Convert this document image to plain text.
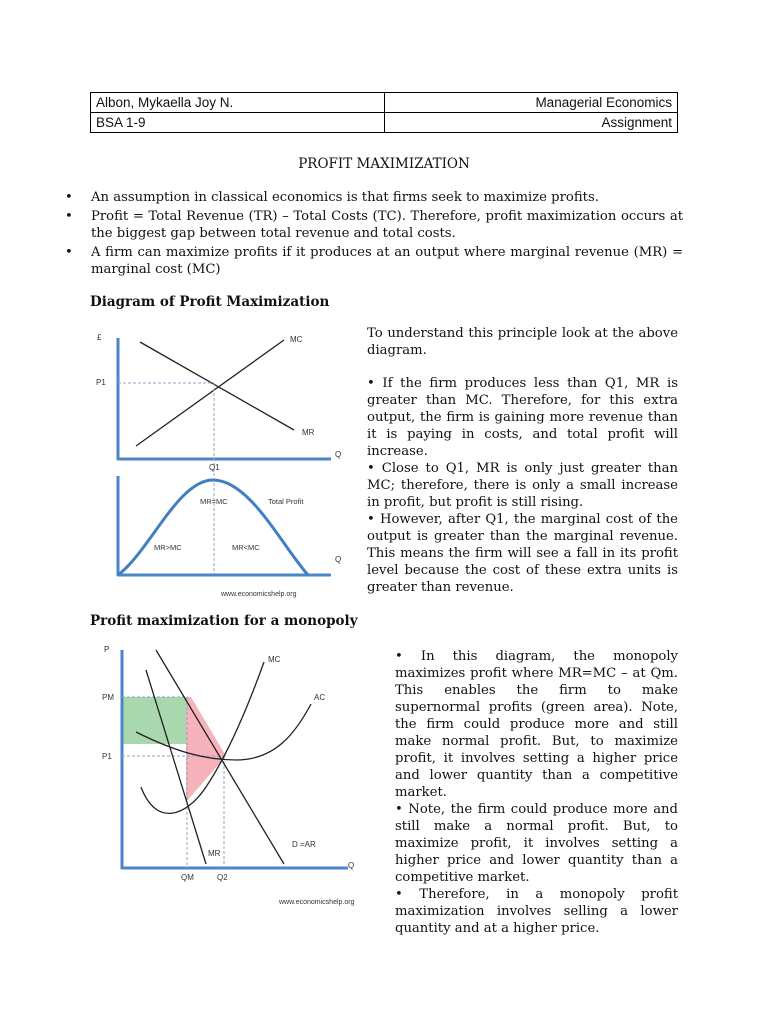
Albon, Mykaella Joy N.	Managerial Economics
BSA 1-9	Assignment
PROFIT MAXIMIZATION
• An assumption in classical economics is that firms seek to maximize profits.
• Profit = Total Revenue (TR) – Total Costs (TC). Therefore, profit maximization occurs at the biggest gap between total revenue and total costs.
• A firm can maximize profits if it produces at an output where marginal revenue (MR) = marginal cost (MC)
Diagram of Profit Maximization
£
P1
MC
MR
Q
Q1
MR=MC	Total Profit
MR>MC	MR<MC
Q
www.economicshelp.org

To understand this principle look at the above diagram.

• If the firm produces less than Q1, MR is greater than MC. Therefore, for this extra output, the firm is gaining more revenue than it is paying in costs, and total profit will increase.

• Close to Q1, MR is only just greater than MC; therefore, there is only a small increase in profit, but profit is still rising.

• However, after Q1, the marginal cost of the output is greater than the marginal revenue. This means the firm will see a fall in its profit level because the cost of these extra units is greater than revenue.

Profit maximization for a monopoly
P
PM
P1
MC
AC
D =AR
MR
Q
QM	Q2
www.economicshelp.org

• In this diagram, the monopoly maximizes profit where MR=MC – at Qm. This enables the firm to make supernormal profits (green area). Note, the firm could produce more and still make normal profit. But, to maximize profit, it involves setting a higher price and lower quantity than a competitive market.

• Note, the firm could produce more and still make a normal profit. But, to maximize profit, it involves setting a higher price and lower quantity than a competitive market.

• Therefore, in a monopoly profit maximization involves selling a lower quantity and at a higher price.
